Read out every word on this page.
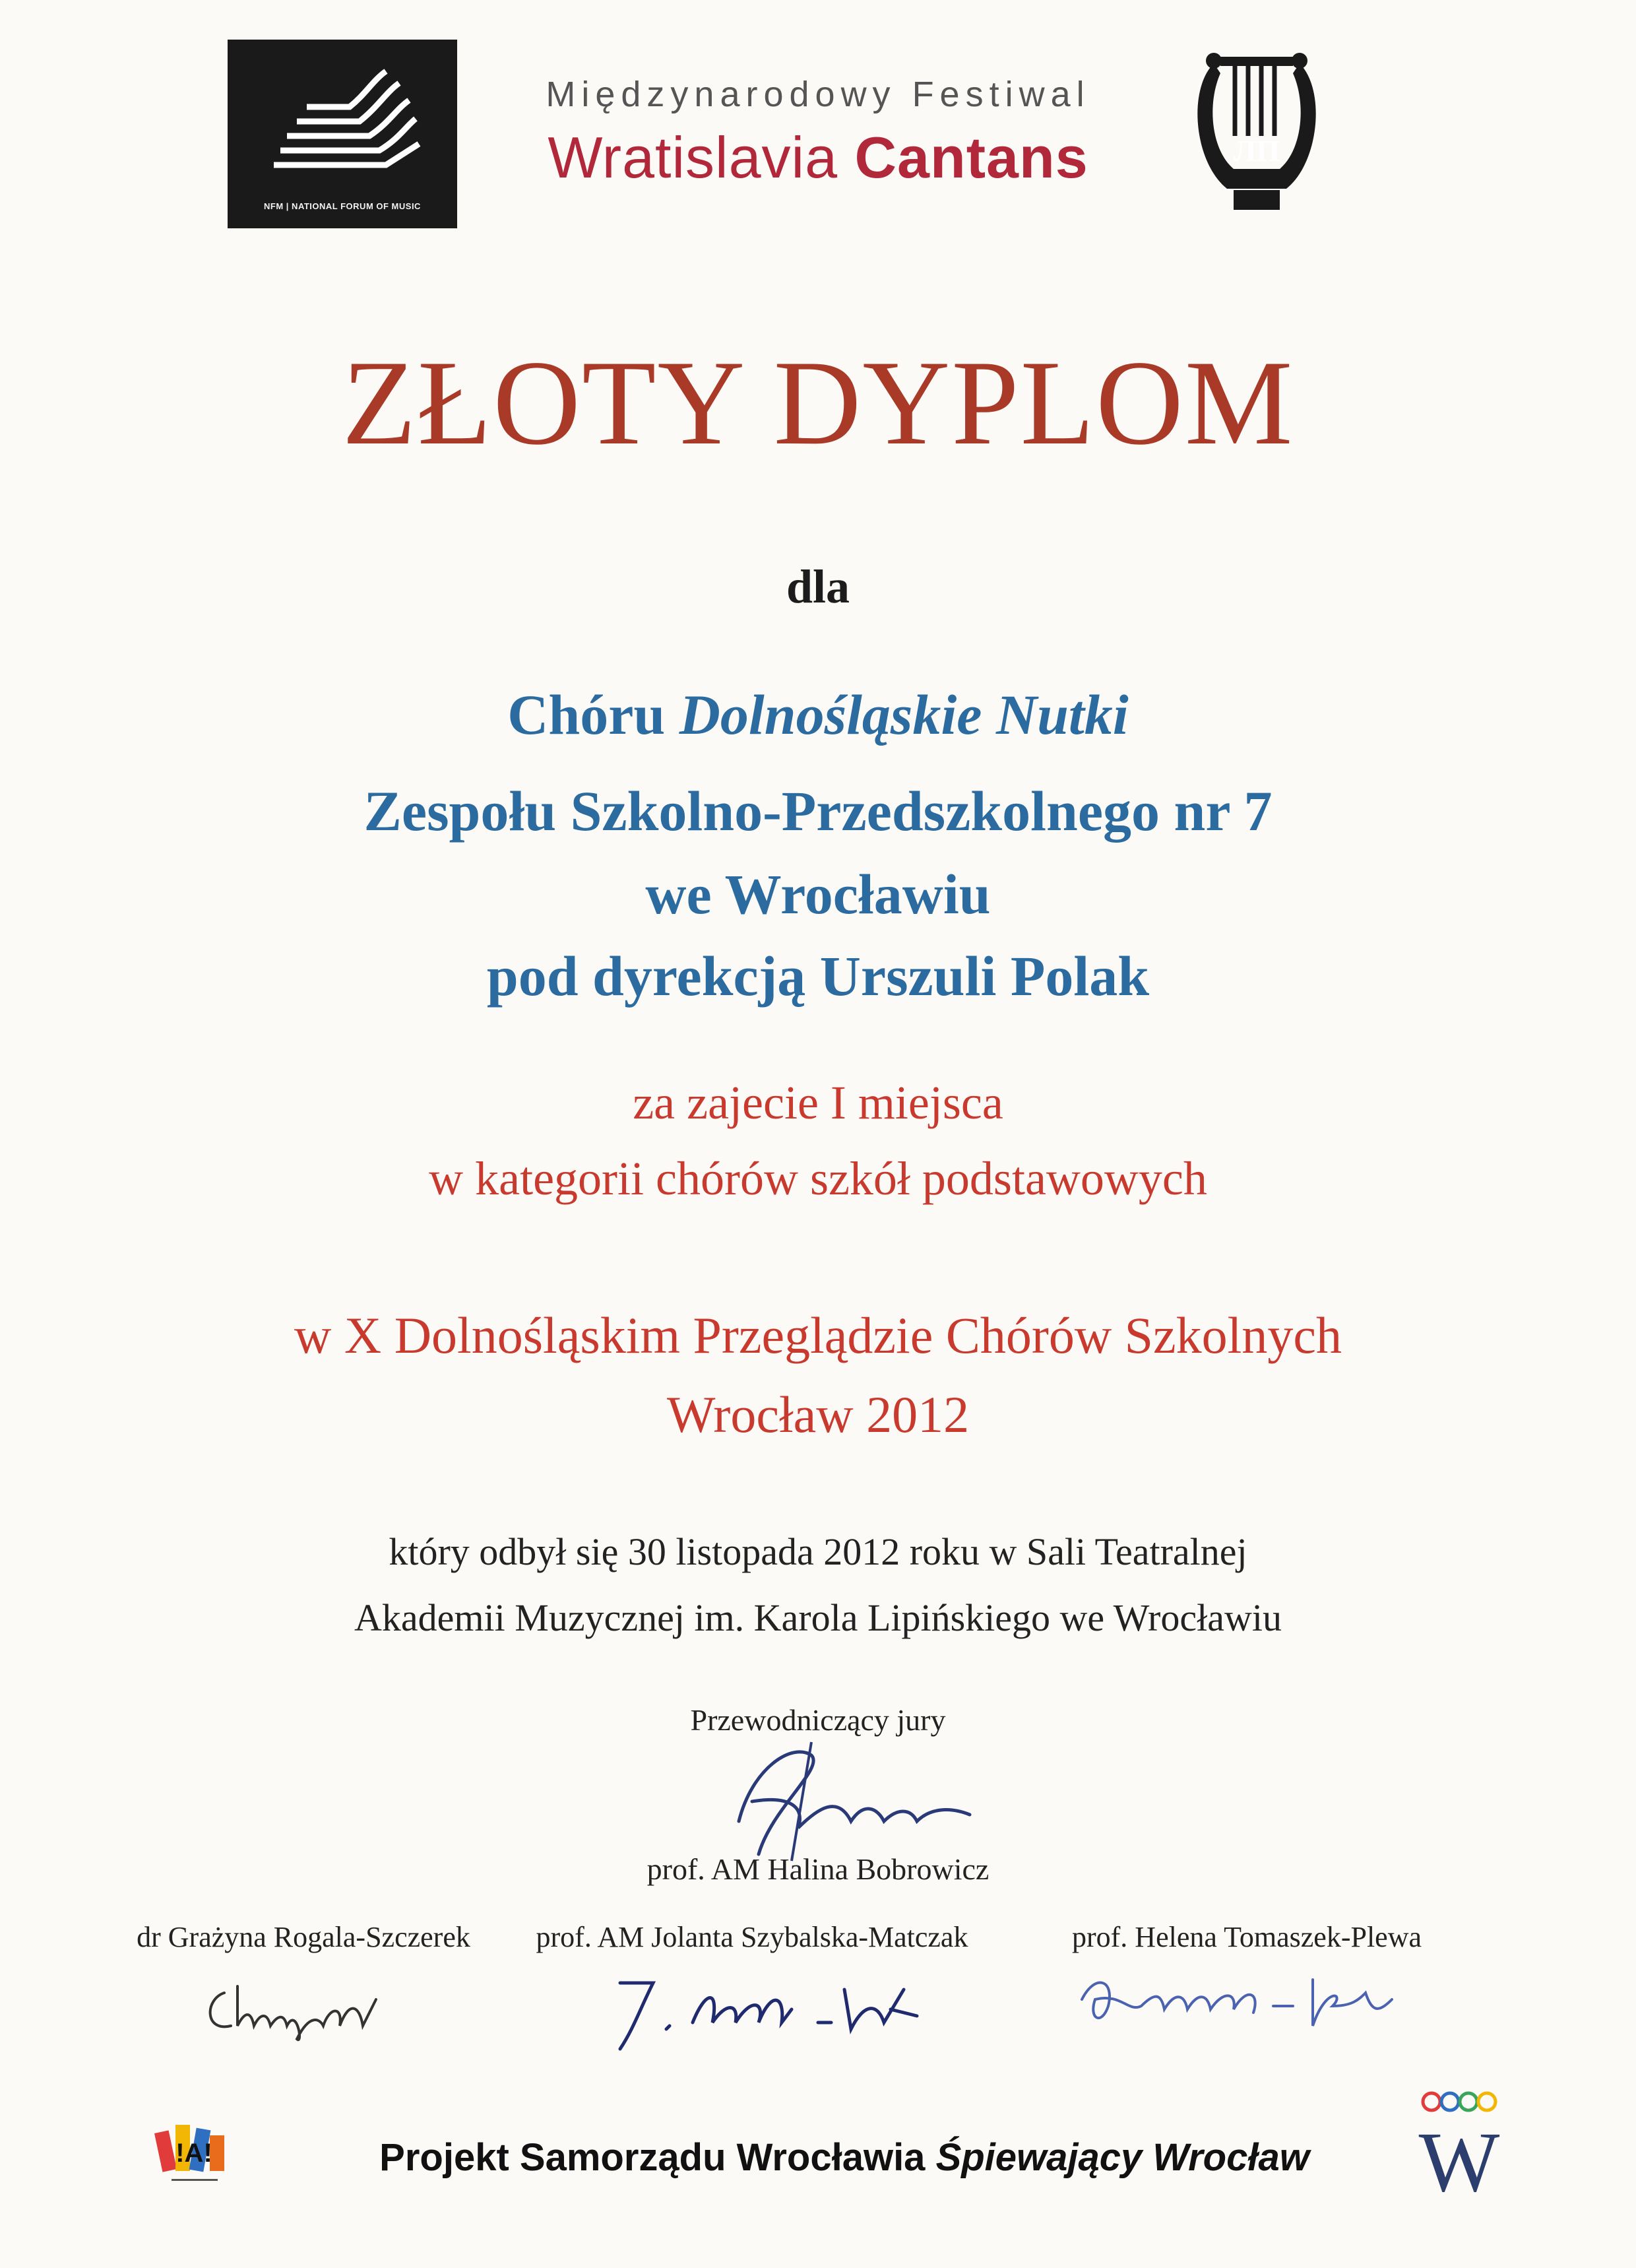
NFM | NATIONAL FORUM OF MUSIC
Międzynarodowy Festiwal
Wratislavia Cantans	ЛП
ZŁOTY DYPLOM
dla
Chóru Dolnośląskie Nutki
Zespołu Szkolno-Przedszkolnego nr 7
we Wrocławiu
pod dyrekcją Urszuli Polak
za zajecie I miejsca
w kategorii chórów szkół podstawowych
w X Dolnośląskim Przeglądzie Chórów Szkolnych
Wrocław 2012
który odbył się 30 listopada 2012 roku w Sali Teatralnej
Akademii Muzycznej im. Karola Lipińskiego we Wrocławiu
Przewodniczący jury
prof. AM Halina Bobrowicz
dr Grażyna Rogala-Szczerek	prof. AM Jolanta Szybalska-Matczak	prof. Helena Tomaszek-Plewa
!A!	Projekt Samorządu Wrocławia Śpiewający Wrocław	W
